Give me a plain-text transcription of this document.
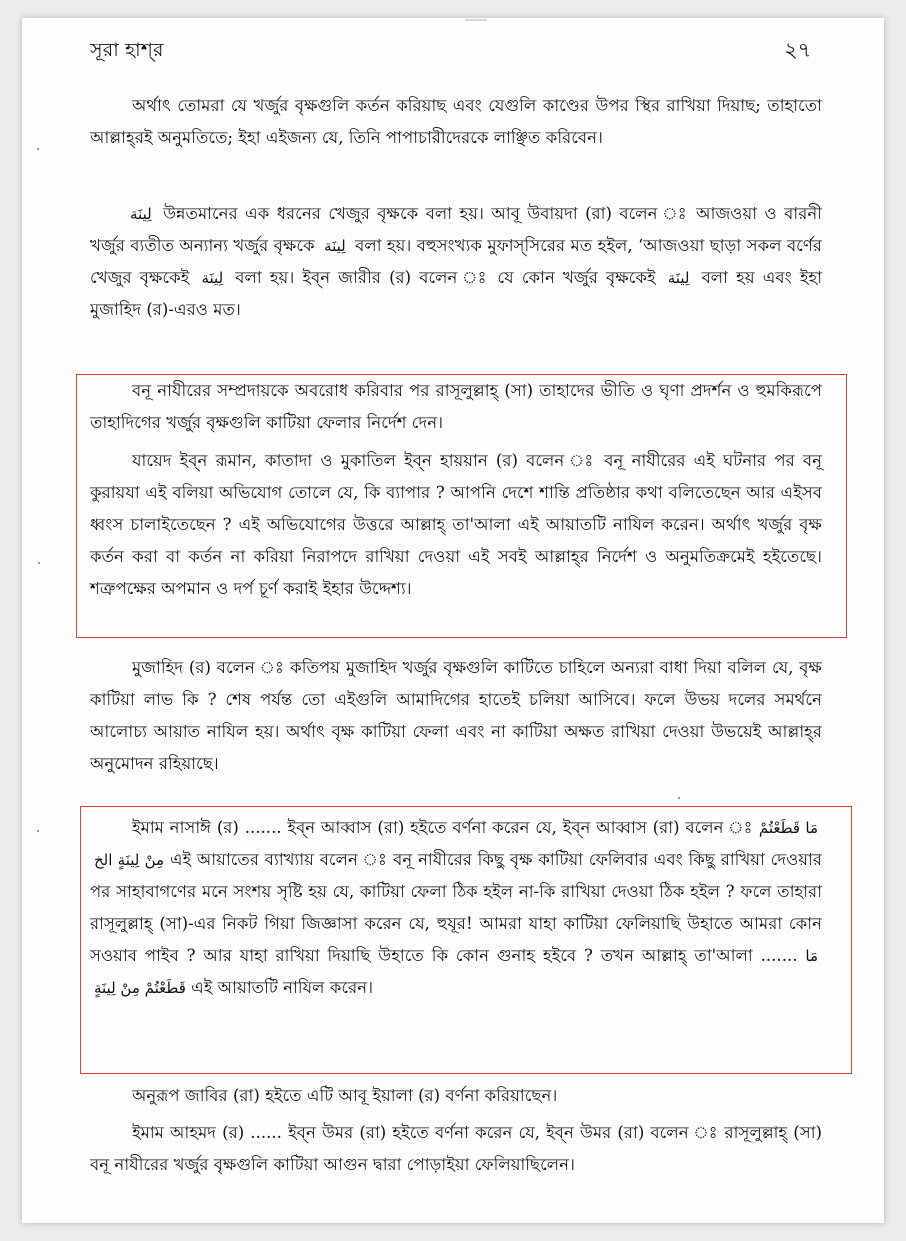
সূরা হাশ্‌র	২৭

অর্থাৎ তোমরা যে খর্জুর বৃক্ষগুলি কর্তন করিয়াছ এবং যেগুলি কাণ্ডের উপর স্থির রাখিয়া দিয়াছ; তাহাতো আল্লাহ্‌রই অনুমতিতে; ইহা এইজন্য যে, তিনি পাপাচারীদেরকে লাঞ্ছিত করিবেন।

لِينَة উন্নতমানের এক ধরনের খেজুর বৃক্ষকে বলা হয়। আবূ উবায়দা (রা) বলেন ঃ আজওয়া ও বারনী খর্জুর ব্যতীত অন্যান্য খর্জুর বৃক্ষকে لِينَة বলা হয়। বহুসংখ্যক মুফাস্‌সিরের মত হইল, ‘আজওয়া ছাড়া সকল বর্ণের খেজুর বৃক্ষকেই لِينَة বলা হয়। ইব্‌ন জারীর (র) বলেন ঃ যে কোন খর্জুর বৃক্ষকেই لِينَة বলা হয় এবং ইহা মুজাহিদ (র)-এরও মত।

বনূ নাযীরের সম্প্রদায়কে অবরোধ করিবার পর রাসূলুল্লাহ্ (সা) তাহাদের ভীতি ও ঘৃণা প্রদর্শন ও হুমকিরূপে তাহাদিগের খর্জুর বৃক্ষগুলি কাটিয়া ফেলার নির্দেশ দেন।

যায়েদ ইব্‌ন রূমান, কাতাদা ও মুকাতিল ইব্‌ন হায়য়ান (র) বলেন ঃ বনূ নাযীরের এই ঘটনার পর বনূ কুরায়যা এই বলিয়া অভিযোগ তোলে যে, কি ব্যাপার ? আপনি দেশে শান্তি প্রতিষ্ঠার কথা বলিতেছেন আর এইসব ধ্বংস চালাইতেছেন ? এই অভিযোগের উত্তরে আল্লাহ্ তা'আলা এই আয়াতটি নাযিল করেন। অর্থাৎ খর্জুর বৃক্ষ কর্তন করা বা কর্তন না করিয়া নিরাপদে রাখিয়া দেওয়া এই সবই আল্লাহ্‌র নির্দেশ ও অনুমতিক্রমেই হইতেছে। শত্রুপক্ষের অপমান ও দর্প চূর্ণ করাই ইহার উদ্দেশ্য।

মুজাহিদ (র) বলেন ঃ কতিপয় মুজাহিদ খর্জুর বৃক্ষগুলি কাটিতে চাহিলে অন্যরা বাধা দিয়া বলিল যে, বৃক্ষ কাটিয়া লাভ কি ? শেষ পর্যন্ত তো এইগুলি আমাদিগের হাতেই চলিয়া আসিবে। ফলে উভয় দলের সমর্থনে আলোচ্য আয়াত নাযিল হয়। অর্থাৎ বৃক্ষ কাটিয়া ফেলা এবং না কাটিয়া অক্ষত রাখিয়া দেওয়া উভয়েই আল্লাহ্‌র অনুমোদন রহিয়াছে।

ইমাম নাসাঈ (র) ....... ইব্‌ন আব্বাস (রা) হইতে বর্ণনা করেন যে, ইব্‌ন আব্বাস (রা) বলেন ঃ مَا قَطَعْتُمْ مِنْ لِينَةٍ الخ এই আয়াতের ব্যাখ্যায় বলেন ঃ বনূ নাযীরের কিছু বৃক্ষ কাটিয়া ফেলিবার এবং কিছু রাখিয়া দেওয়ার পর সাহাবাগণের মনে সংশয় সৃষ্টি হয় যে, কাটিয়া ফেলা ঠিক হইল না-কি রাখিয়া দেওয়া ঠিক হইল ? ফলে তাহারা রাসূলুল্লাহ্ (সা)-এর নিকট গিয়া জিজ্ঞাসা করেন যে, হুযূর! আমরা যাহা কাটিয়া ফেলিয়াছি উহাতে আমরা কোন সওয়াব পাইব ? আর যাহা রাখিয়া দিয়াছি উহাতে কি কোন গুনাহ হইবে ? তখন আল্লাহ্ তা'আলা ....... مَا قَطَعْتُمْ مِنْ لِينَةٍ এই আয়াতটি নাযিল করেন।

অনুরূপ জাবির (রা) হইতে এটি আবূ ইয়ালা (র) বর্ণনা করিয়াছেন।

ইমাম আহমদ (র) ...... ইব্‌ন উমর (রা) হইতে বর্ণনা করেন যে, ইব্‌ন উমর (রা) বলেন ঃ রাসূলুল্লাহ্ (সা) বনূ নাযীরের খর্জুর বৃক্ষগুলি কাটিয়া আগুন দ্বারা পোড়াইয়া ফেলিয়াছিলেন।
